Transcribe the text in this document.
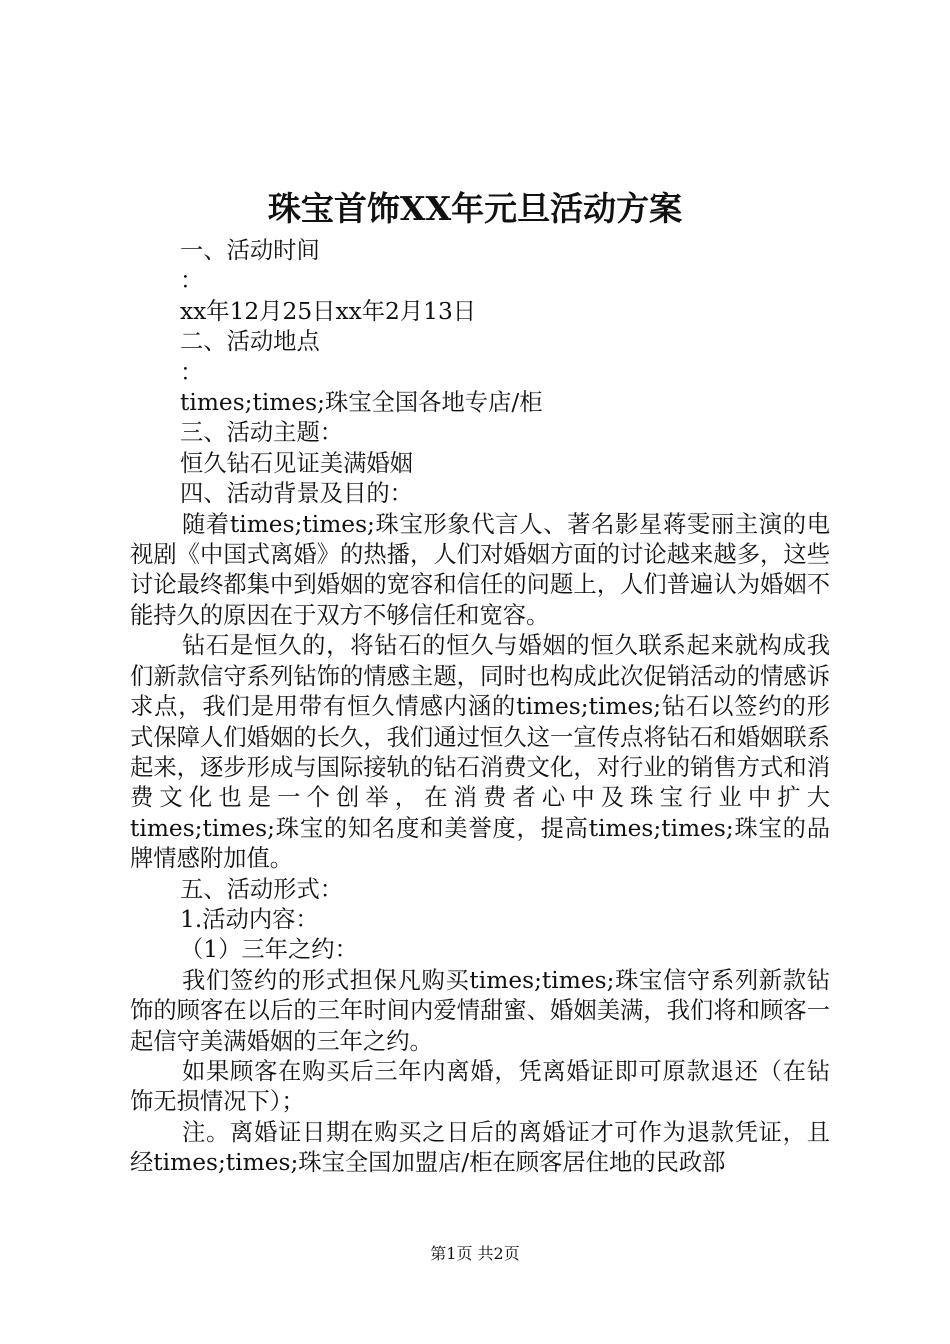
珠宝首饰XX年元旦活动方案

一、活动时间

：

xx年12月25日xx年2月13日

二、活动地点

：

times;times;珠宝全国各地专店/柜

三、活动主题：

恒久钻石见证美满婚姻

四、活动背景及目的：

随着times;times;珠宝形象代言人、著名影星蒋雯丽主演的电视剧《中国式离婚》的热播，人们对婚姻方面的讨论越来越多，这些讨论最终都集中到婚姻的宽容和信任的问题上，人们普遍认为婚姻不能持久的原因在于双方不够信任和宽容。

钻石是恒久的，将钻石的恒久与婚姻的恒久联系起来就构成我们新款信守系列钻饰的情感主题，同时也构成此次促销活动的情感诉求点，我们是用带有恒久情感内涵的times;times;钻石以签约的形式保障人们婚姻的长久，我们通过恒久这一宣传点将钻石和婚姻联系起来，逐步形成与国际接轨的钻石消费文化，对行业的销售方式和消费文化也是一个创举，在消费者心中及珠宝行业中扩大times;times;珠宝的知名度和美誉度，提高times;times;珠宝的品牌情感附加值。

五、活动形式：

1.活动内容：

（1）三年之约：

我们签约的形式担保凡购买times;times;珠宝信守系列新款钻饰的顾客在以后的三年时间内爱情甜蜜、婚姻美满，我们将和顾客一起信守美满婚姻的三年之约。

如果顾客在购买后三年内离婚，凭离婚证即可原款退还（在钻饰无损情况下）；

注。离婚证日期在购买之日后的离婚证才可作为退款凭证，且经times;times;珠宝全国加盟店/柜在顾客居住地的民政部

第1页 共2页
